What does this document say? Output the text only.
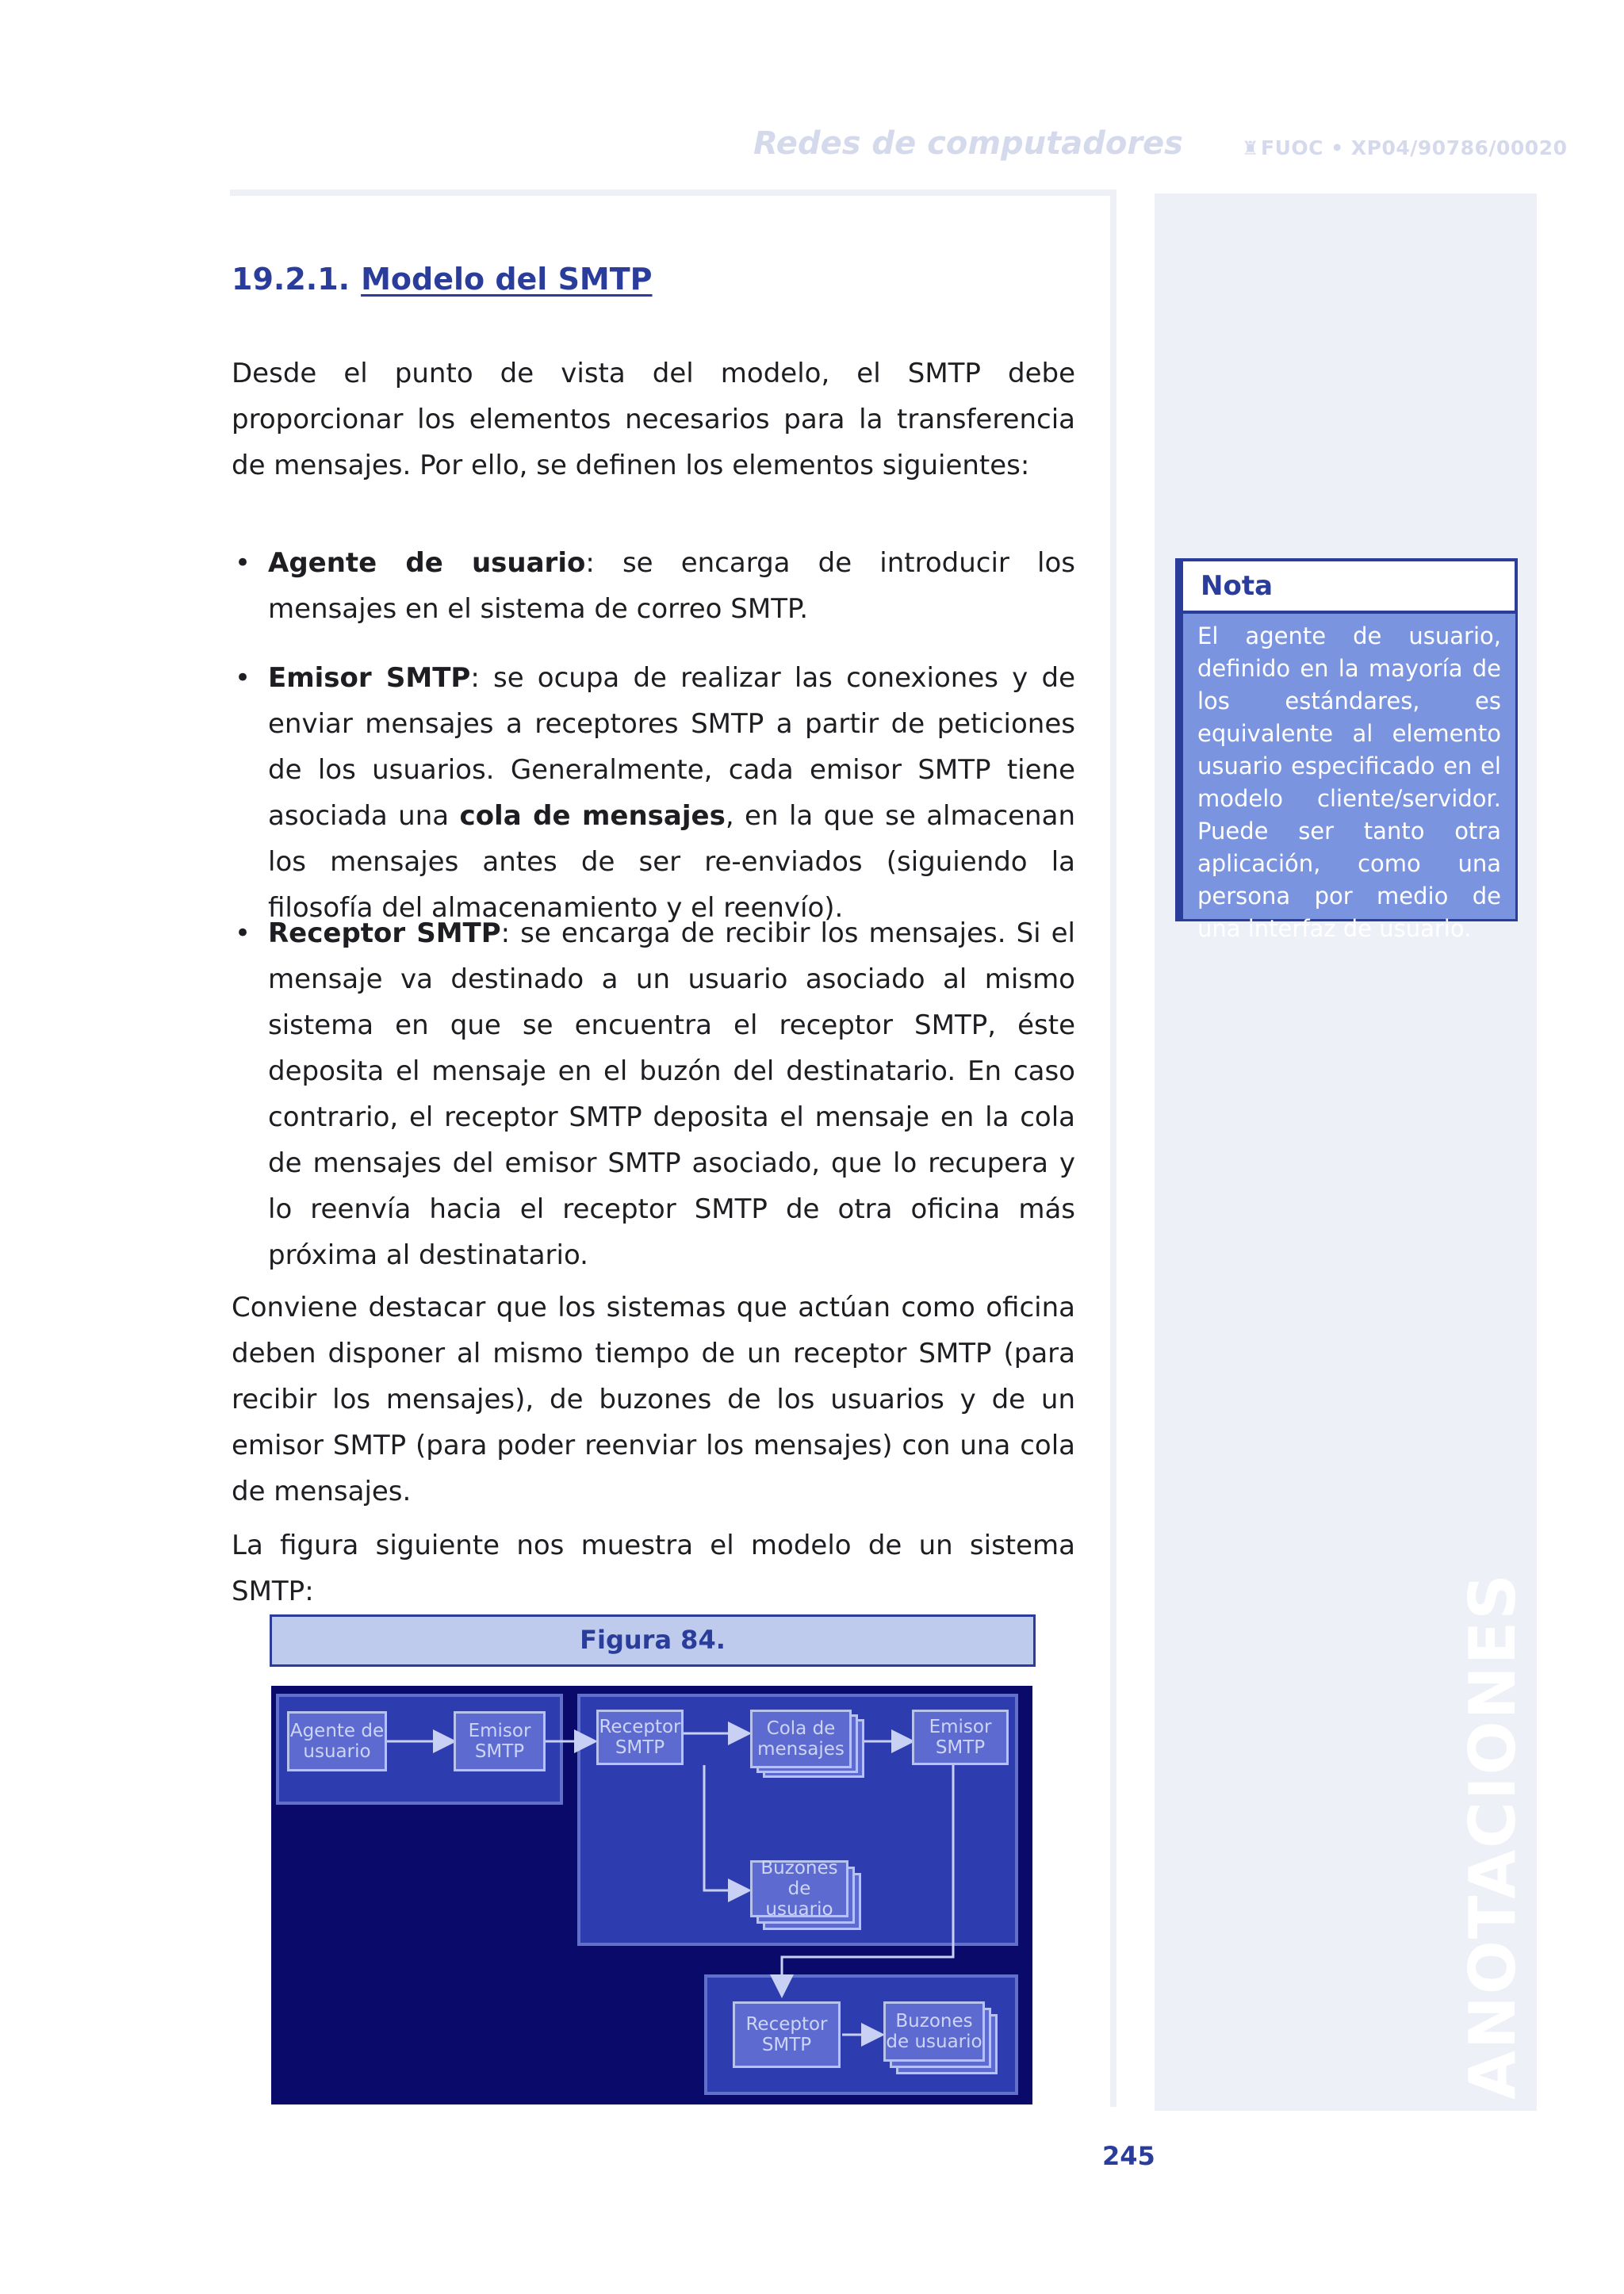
Redes de computadores	♜FUOC • XP04/90786/00020
ANOTACIONES
19.2.1. Modelo del SMTP

Desde el punto de vista del modelo, el SMTP debe proporcionar los elementos necesarios para la transferencia de mensajes. Por ello, se definen los elementos siguientes:

• Agente de usuario: se encarga de introducir los mensajes en el sistema de correo SMTP.
• Emisor SMTP: se ocupa de realizar las conexiones y de enviar mensajes a receptores SMTP a partir de peticiones de los usuarios. Generalmente, cada emisor SMTP tiene asociada una cola de mensajes, en la que se almacenan los mensajes antes de ser re-enviados (siguiendo la filosofía del almacenamiento y el reenvío).
• Receptor SMTP: se encarga de recibir los mensajes. Si el mensaje va destinado a un usuario asociado al mismo sistema en que se encuentra el receptor SMTP, éste deposita el mensaje en el buzón del destinatario. En caso contrario, el receptor SMTP deposita el mensaje en la cola de mensajes del emisor SMTP asociado, que lo recupera y lo reenvía hacia el receptor SMTP de otra oficina más próxima al destinatario.

Conviene destacar que los sistemas que actúan como oficina deben disponer al mismo tiempo de un receptor SMTP (para recibir los mensajes), de buzones de los usuarios y de un emisor SMTP (para poder reenviar los mensajes) con una cola de mensajes.

La figura siguiente nos muestra el modelo de un sistema SMTP:

Nota
El agente de usuario, definido en la mayoría de los estándares, es equivalente al elemento usuario especificado en el modelo cliente/servidor. Puede ser tanto otra aplicación, como una persona por medio de una interfaz de usuario.
Figura 84.
Agente de usuario
Emisor SMTP
Receptor SMTP
Cola de mensajes
Emisor SMTP
Buzones de usuario
Receptor SMTP
Buzones de usuario
245
